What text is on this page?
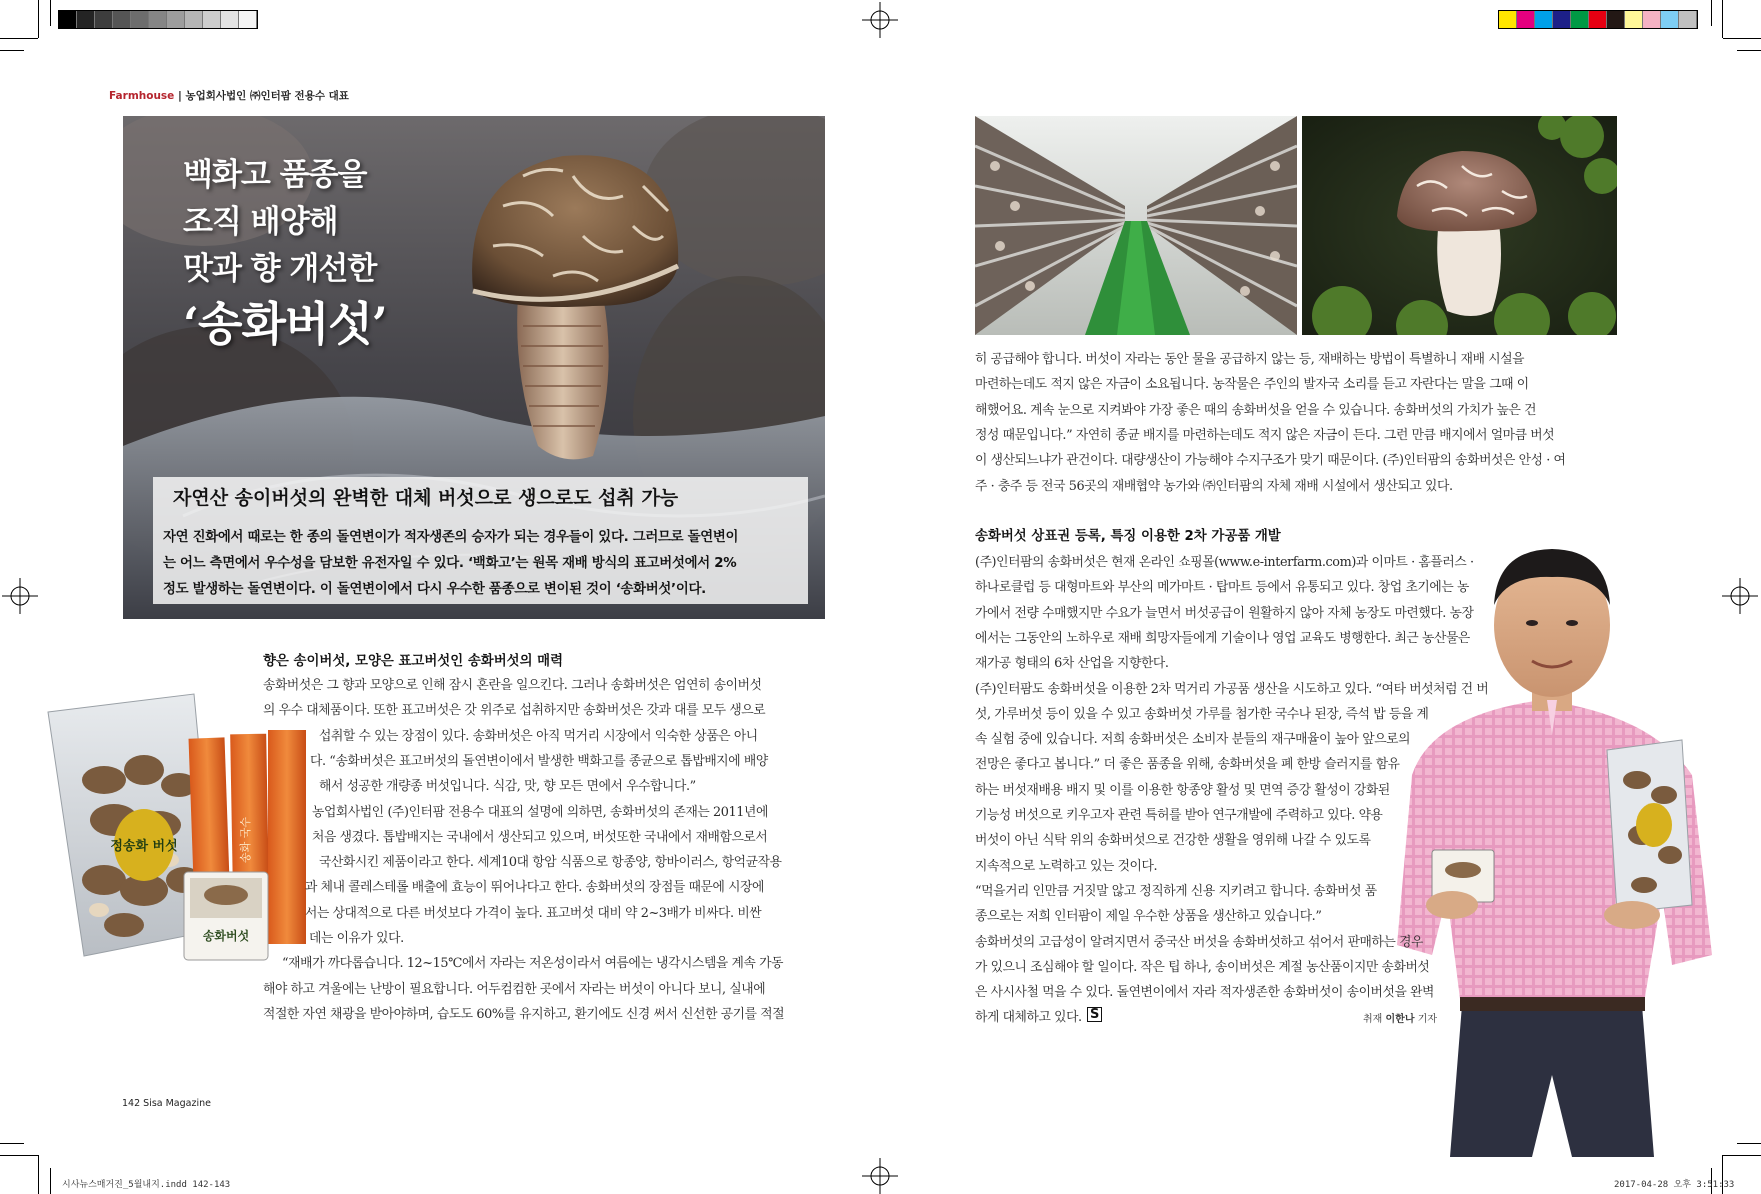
Farmhouse | 농업회사법인 ㈜인터팜 전용수 대표
백화고 품종을
조직 배양해
맛과 향 개선한
‘송화버섯’
자연산 송이버섯의 완벽한 대체 버섯으로 생으로도 섭취 가능
자연 진화에서 때로는 한 종의 돌연변이가 적자생존의 승자가 되는 경우들이 있다. 그러므로 돌연변이
는 어느 측면에서 우수성을 담보한 유전자일 수 있다. ‘백화고’는 원목 재배 방식의 표고버섯에서 2%
정도 발생하는 돌연변이다. 이 돌연변이에서 다시 우수한 품종으로 변이된 것이 ‘송화버섯’이다.
향은 송이버섯, 모양은 표고버섯인 송화버섯의 매력
정송화 버섯	송화 국수
송화버섯
송화버섯은 그 향과 모양으로 인해 잠시 혼란을 일으킨다. 그러나 송화버섯은 엄연히 송이버섯
의 우수 대체품이다. 또한 표고버섯은 갓 위주로 섭취하지만 송화버섯은 갓과 대를 모두 생으로
섭취할 수 있는 장점이 있다. 송화버섯은 아직 먹거리 시장에서 익숙한 상품은 아니
다. “송화버섯은 표고버섯의 돌연변이에서 발생한 백화고를 종균으로 톱밥배지에 배양
해서 성공한 개량종 버섯입니다. 식감, 맛, 향 모든 면에서 우수합니다.”
농업회사법인 (주)인터팜 전용수 대표의 설명에 의하면, 송화버섯의 존재는 2011년에
처음 생겼다. 톱밥배지는 국내에서 생산되고 있으며, 버섯또한 국내에서 재배함으로서
국산화시킨 제품이라고 한다. 세계10대 항암 식품으로 항종양, 항바이러스, 항억균작용
과 체내 콜레스테롤 배출에 효능이 뛰어나다고 한다. 송화버섯의 장점들 때문에 시장에
서는 상대적으로 다른 버섯보다 가격이 높다. 표고버섯 대비 약 2~3배가 비싸다. 비싼
데는 이유가 있다.
“재배가 까다롭습니다. 12~15℃에서 자라는 저온성이라서 여름에는 냉각시스템을 계속 가동
해야 하고 겨울에는 난방이 필요합니다. 어두컴컴한 곳에서 자라는 버섯이 아니다 보니, 실내에
적절한 자연 채광을 받아야하며, 습도도 60%를 유지하고, 환기에도 신경 써서 신선한 공기를 적절
142 Sisa Magazine
시사뉴스매거진_5월내지.indd 142-143
히 공급해야 합니다. 버섯이 자라는 동안 물을 공급하지 않는 등, 재배하는 방법이 특별하니 재배 시설을
마련하는데도 적지 않은 자금이 소요됩니다. 농작물은 주인의 발자국 소리를 듣고 자란다는 말을 그때 이
해했어요. 계속 눈으로 지켜봐야 가장 좋은 때의 송화버섯을 얻을 수 있습니다. 송화버섯의 가치가 높은 건
정성 때문입니다.” 자연히 종균 배지를 마련하는데도 적지 않은 자금이 든다. 그런 만큼 배지에서 얼마큼 버섯
이 생산되느냐가 관건이다. 대량생산이 가능해야 수지구조가 맞기 때문이다. (주)인터팜의 송화버섯은 안성 · 여
주 · 충주 등 전국 56곳의 재배협약 농가와 ㈜인터팜의 자체 재배 시설에서 생산되고 있다.
송화버섯 상표권 등록, 특징 이용한 2차 가공품 개발
(주)인터팜의 송화버섯은 현재 온라인 쇼핑몰(www.e-interfarm.com)과 이마트 · 홈플러스 ·
하나로클럽 등 대형마트와 부산의 메가마트 · 탑마트 등에서 유통되고 있다. 창업 초기에는 농
가에서 전량 수매했지만 수요가 늘면서 버섯공급이 원활하지 않아 자체 농장도 마련했다. 농장
에서는 그동안의 노하우로 재배 희망자들에게 기술이나 영업 교육도 병행한다. 최근 농산물은
재가공 형태의 6차 산업을 지향한다.
(주)인터팜도 송화버섯을 이용한 2차 먹거리 가공품 생산을 시도하고 있다. “여타 버섯처럼 건 버
섯, 가루버섯 등이 있을 수 있고 송화버섯 가루를 첨가한 국수나 된장, 즉석 밥 등을 계
속 실험 중에 있습니다. 저희 송화버섯은 소비자 분들의 재구매율이 높아 앞으로의
전망은 좋다고 봅니다.” 더 좋은 품종을 위해, 송화버섯을 폐 한방 슬러지를 함유
하는 버섯재배용 배지 및 이를 이용한 항종양 활성 및 면역 증강 활성이 강화된
기능성 버섯으로 키우고자 관련 특허를 받아 연구개발에 주력하고 있다. 약용
버섯이 아닌 식탁 위의 송화버섯으로 건강한 생활을 영위해 나갈 수 있도록
지속적으로 노력하고 있는 것이다.
“먹을거리 인만큼 거짓말 않고 정직하게 신용 지키려고 합니다. 송화버섯 품
종으로는 저희 인터팜이 제일 우수한 상품을 생산하고 있습니다.”
송화버섯의 고급성이 알려지면서 중국산 버섯을 송화버섯하고 섞어서 판매하는 경우
가 있으니 조심해야 할 일이다. 작은 팁 하나, 송이버섯은 계절 농산품이지만 송화버섯
은 사시사철 먹을 수 있다. 돌연변이에서 자라 적자생존한 송화버섯이 송이버섯을 완벽
하게 대체하고 있다. S	취재 이한나 기자
2017-04-28 오후 3:51:33
